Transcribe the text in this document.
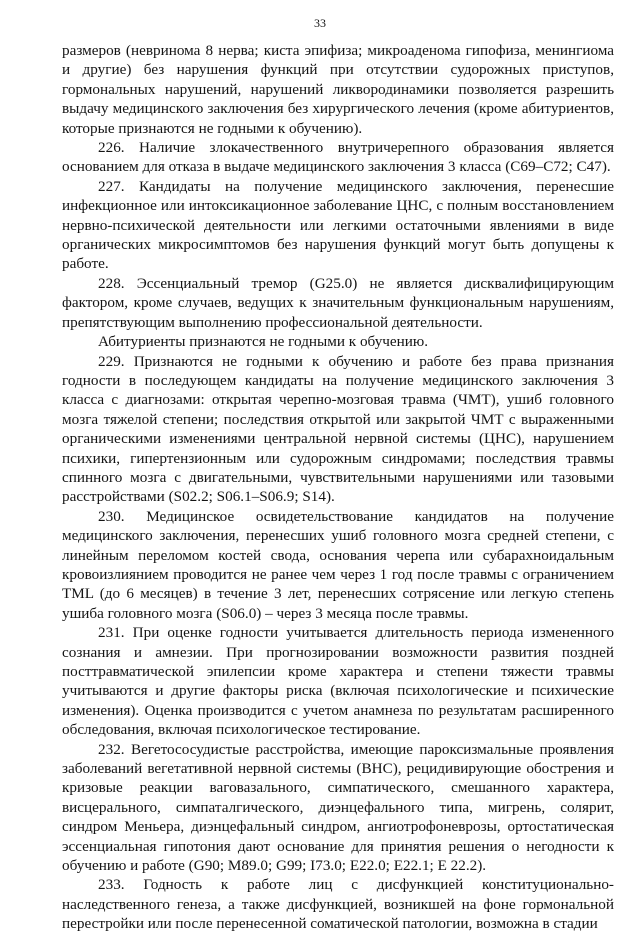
33

размеров (невринома 8 нерва; киста эпифиза; микроаденома гипофиза, менингиома и другие) без нарушения функций при отсутствии судорожных приступов, гормональных нарушений, нарушений ликвородинамики позволяется разрешить выдачу медицинского заключения без хирургического лечения (кроме абитуриентов, которые признаются не годными к обучению).

226. Наличие злокачественного внутричерепного образования является основанием для отказа в выдаче медицинского заключения 3 класса (C69–C72; C47).

227. Кандидаты на получение медицинского заключения, перенесшие инфекционное или интоксикационное заболевание ЦНС, с полным восстановлением нервно-психической деятельности или легкими остаточными явлениями в виде органических микросимптомов без нарушения функций могут быть допущены к работе.

228. Эссенциальный тремор (G25.0) не является дисквалифицирующим фактором, кроме случаев, ведущих к значительным функциональным нарушениям, препятствующим выполнению профессиональной деятельности.

Абитуриенты признаются не годными к обучению.

229. Признаются не годными к обучению и работе без права признания годности в последующем кандидаты на получение медицинского заключения 3 класса с диагнозами: открытая черепно-мозговая травма (ЧМТ), ушиб головного мозга тяжелой степени; последствия открытой или закрытой ЧМТ с выраженными органическими изменениями центральной нервной системы (ЦНС), нарушением психики, гипертензионным или судорожным синдромами; последствия травмы спинного мозга с двигательными, чувствительными нарушениями или тазовыми расстройствами (S02.2; S06.1–S06.9; S14).

230. Медицинское освидетельствование кандидатов на получение медицинского заключения, перенесших ушиб головного мозга средней степени, с линейным переломом костей свода, основания черепа или субарахноидальным кровоизлиянием проводится не ранее чем через 1 год после травмы с ограничением TML (до 6 месяцев) в течение 3 лет, перенесших сотрясение или легкую степень ушиба головного мозга (S06.0) – через 3 месяца после травмы.

231. При оценке годности учитывается длительность периода измененного сознания и амнезии. При прогнозировании возможности развития поздней посттравматической эпилепсии кроме характера и степени тяжести травмы учитываются и другие факторы риска (включая психологические и психические изменения). Оценка производится с учетом анамнеза по результатам расширенного обследования, включая психологическое тестирование.

232. Вегетососудистые расстройства, имеющие пароксизмальные проявления заболеваний вегетативной нервной системы (ВНС), рецидивирующие обострения и кризовые реакции ваговазального, симпатического, смешанного характера, висцерального, симпаталгического, диэнцефального типа, мигрень, солярит, синдром Меньера, диэнцефальный синдром, ангиотрофоневрозы, ортостатическая эссенциальная гипотония дают основание для принятия решения о негодности к обучению и работе (G90; M89.0; G99; I73.0; E22.0; E22.1; E 22.2).

233. Годность к работе лиц с дисфункцией конституционально-наследственного генеза, а также дисфункцией, возникшей на фоне гормональной перестройки или после перенесенной соматической патологии, возможна в стадии
